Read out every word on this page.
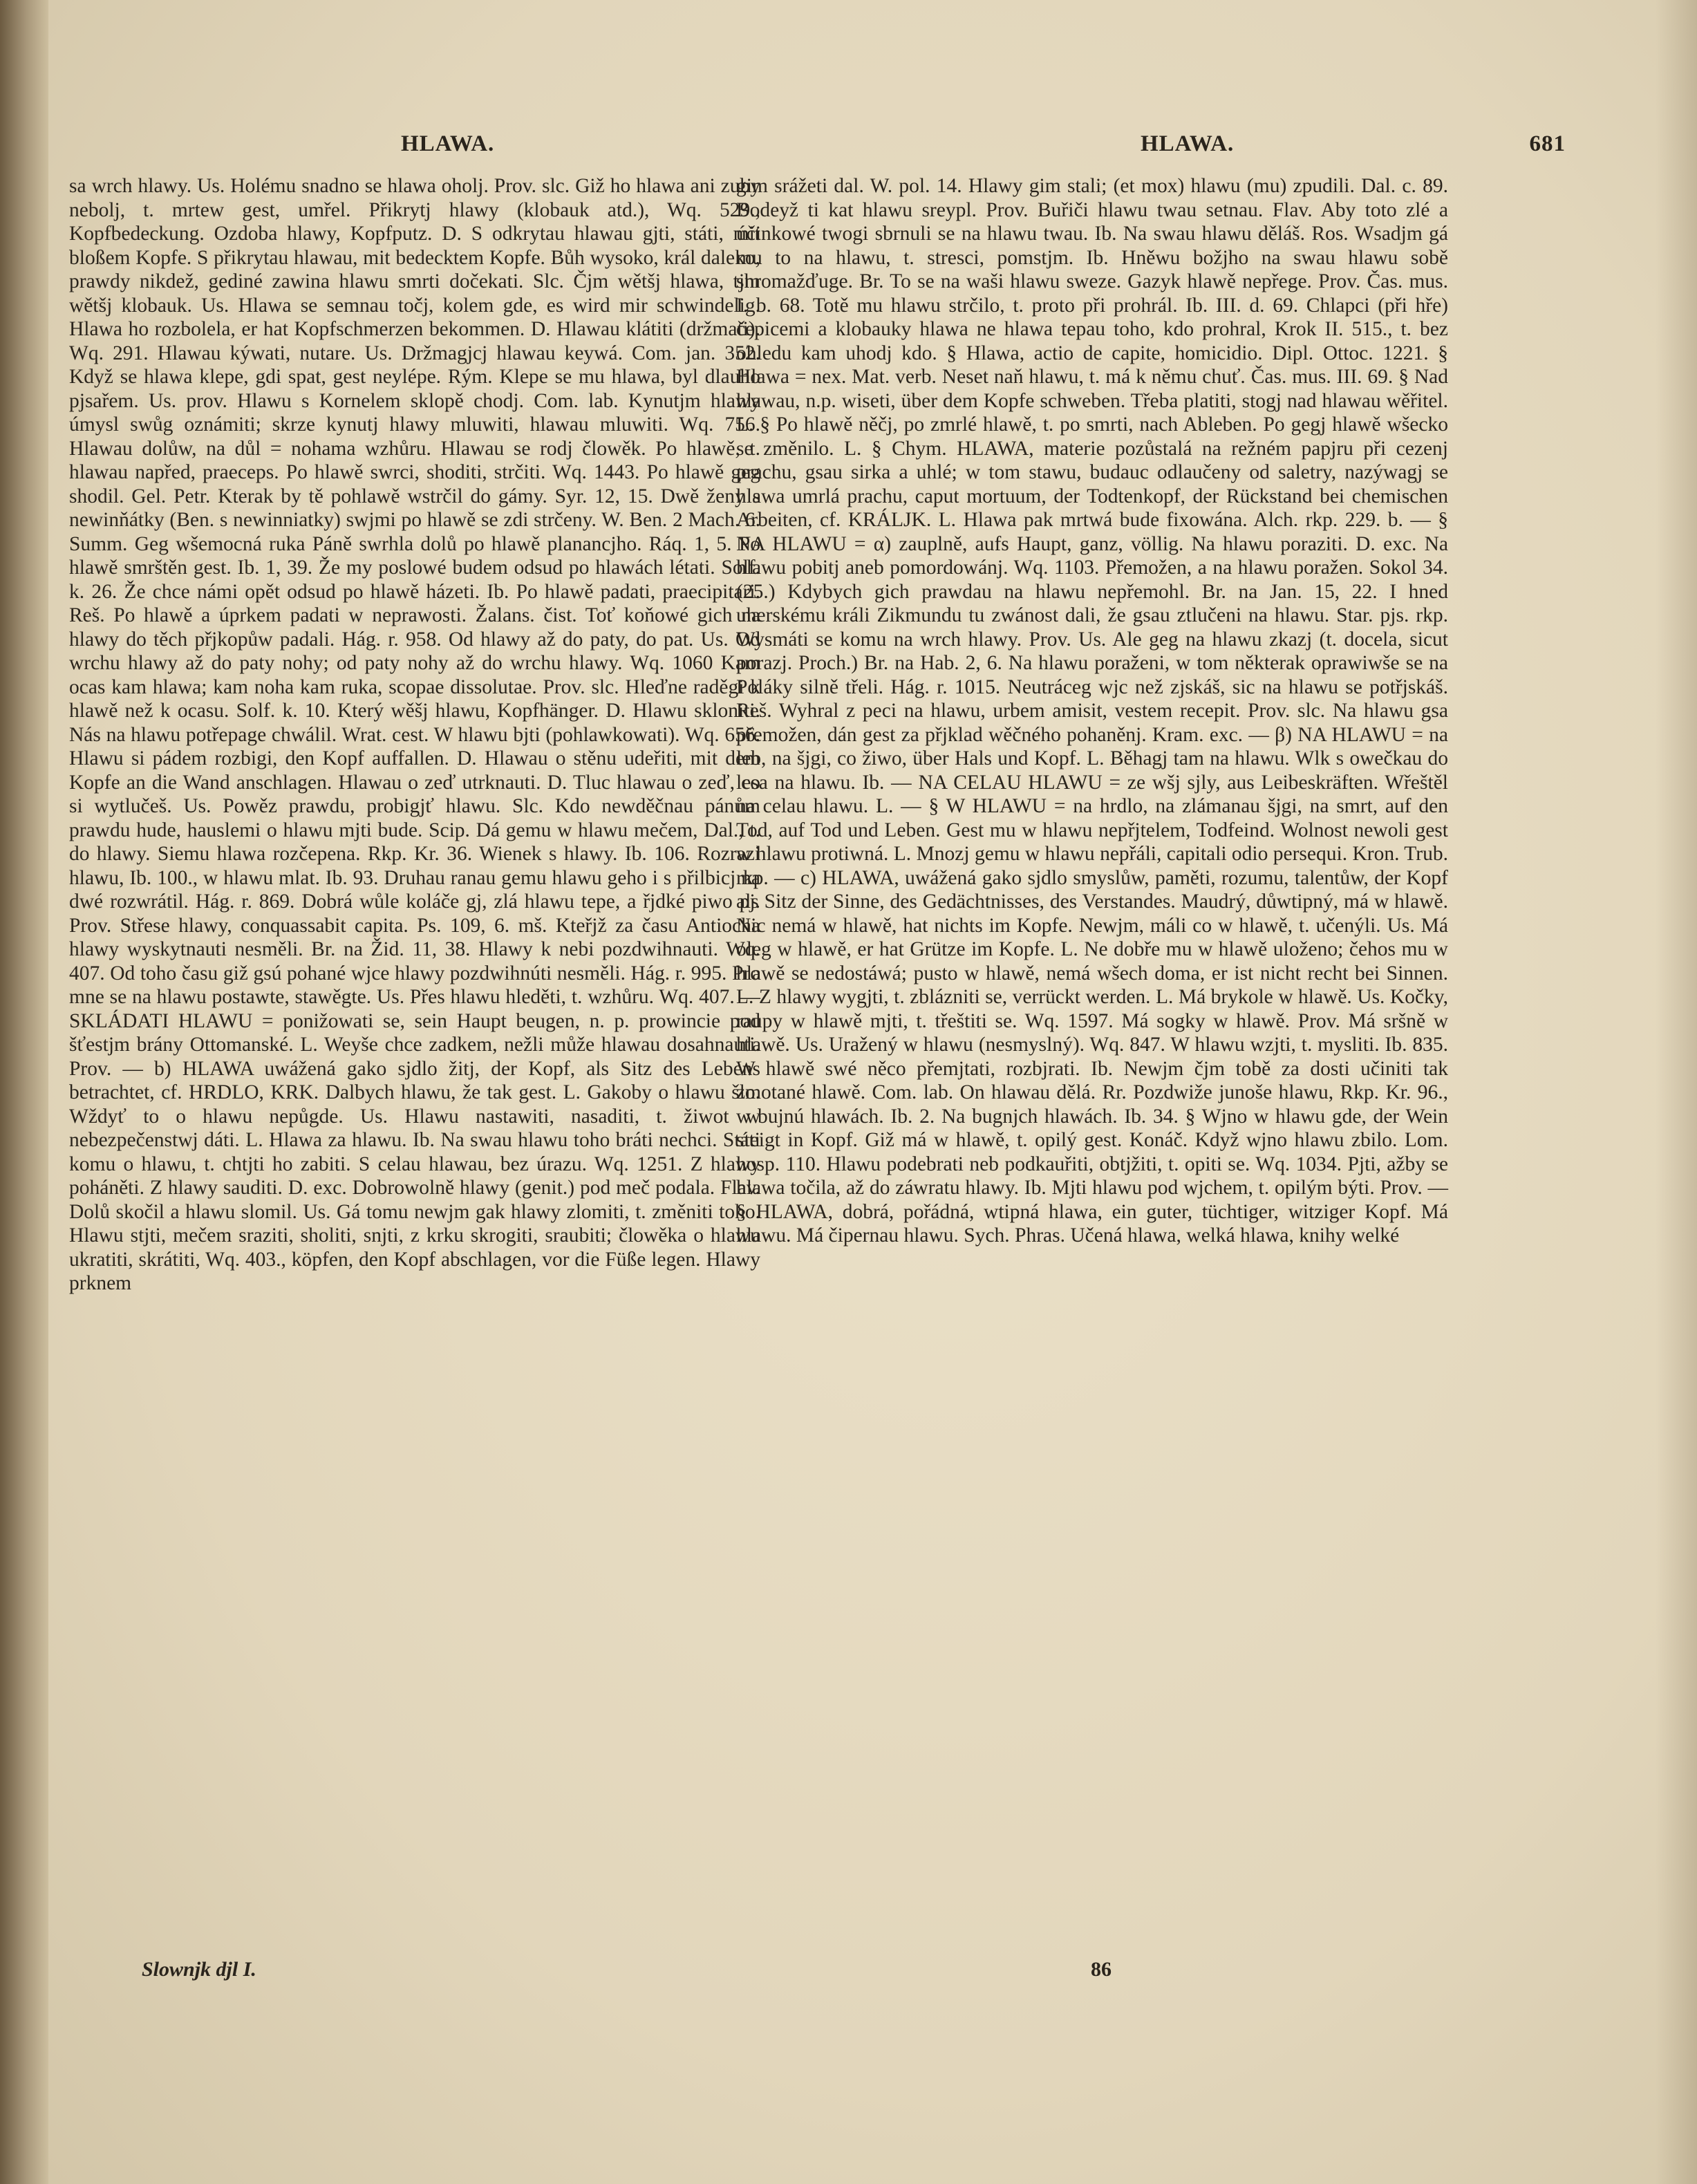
HLAWA.	HLAWA.	681

sa wrch hlawy. Us. Holému snadno se hlawa oholj. Prov. slc. Giž ho hlawa ani zuby nebolj, t. mrtew gest, umřel. Přikrytj hlawy (klobauk atd.), Wq. 529., Kopfbedeckung. Ozdoba hlawy, Kopfputz. D. S odkrytau hlawau gjti, státi, mit bloßem Kopfe. S přikrytau hlawau, mit bedecktem Kopfe. Bůh wysoko, král daleko, prawdy nikdež, gediné zawina hlawu smrti dočekati. Slc. Čjm wětšj hlawa, tjm wětšj klobauk. Us. Hlawa se semnau točj, kolem gde, es wird mir schwindelig. Hlawa ho rozbolela, er hat Kopfschmerzen bekommen. D. Hlawau klátiti (držmati). Wq. 291. Hlawau kýwati, nutare. Us. Držmagjcj hlawau keywá. Com. jan. 352. Když se hlawa klepe, gdi spat, gest neylépe. Rým. Klepe se mu hlawa, byl dlauho pjsařem. Us. prov. Hlawu s Kornelem sklopě chodj. Com. lab. Kynutjm hlawy úmysl swůg oznámiti; skrze kynutj hlawy mluwiti, hlawau mluwiti. Wq. 756. Hlawau dolůw, na důl = nohama wzhůru. Hlawau se rodj člowěk. Po hlawě, t. hlawau napřed, praeceps. Po hlawě swrci, shoditi, strčiti. Wq. 1443. Po hlawě geg shodil. Gel. Petr. Kterak by tě pohlawě wstrčil do gámy. Syr. 12, 15. Dwě ženy s newinňátky (Ben. s newinniatky) swjmi po hlawě se zdi strčeny. W. Ben. 2 Mach. 6. Summ. Geg wšemocná ruka Páně swrhla dolů po hlawě planancjho. Ráq. 1, 5. Po hlawě smrštěn gest. Ib. 1, 39. Že my poslowé budem odsud po hlawách létati. Solf. k. 26. Že chce námi opět odsud po hlawě házeti. Ib. Po hlawě padati, praecipitari. Reš. Po hlawě a úprkem padati w neprawosti. Žalans. čist. Toť koňowé gich na hlawy do těch přjkopůw padali. Hág. r. 958. Od hlawy až do paty, do pat. Us. Od wrchu hlawy až do paty nohy; od paty nohy až do wrchu hlawy. Wq. 1060 Kam ocas kam hlawa; kam noha kam ruka, scopae dissolutae. Prov. slc. Hleďne raděgi k hlawě než k ocasu. Solf. k. 10. Který wěšj hlawu, Kopfhänger. D. Hlawu skloniti. Nás na hlawu potřepage chwálil. Wrat. cest. W hlawu bjti (pohlawkowati). Wq. 656. Hlawu si pádem rozbigi, den Kopf auffallen. D. Hlawau o stěnu udeřiti, mit dem Kopfe an die Wand anschlagen. Hlawau o zeď utrknauti. D. Tluc hlawau o zeď, co si wytlučeš. Us. Powěz prawdu, probigjť hlawu. Slc. Kdo newděčnau pánům prawdu hude, hauslemi o hlawu mjti bude. Scip. Dá gemu w hlawu mečem, Dal., t. do hlawy. Siemu hlawa rozčepena. Rkp. Kr. 36. Wienek s hlawy. Ib. 106. Rozrazi hlawu, Ib. 100., w hlawu mlat. Ib. 93. Druhau ranau gemu hlawu geho i s přilbicj na dwé rozwrátil. Hág. r. 869. Dobrá wůle koláče gj, zlá hlawu tepe, a řjdké piwo pj. Prov. Střese hlawy, conquassabit capita. Ps. 109, 6. mš. Kteřjž za času Antiocha hlawy wyskytnauti nesměli. Br. na Žid. 11, 38. Hlawy k nebi pozdwihnauti. Wq. 407. Od toho času giž gsú pohané wjce hlawy pozdwihnúti nesměli. Hág. r. 995. Pro mne se na hlawu postawte, stawěgte. Us. Přes hlawu hleděti, t. wzhůru. Wq. 407. — SKLÁDATI HLAWU = ponižowati se, sein Haupt beugen, n. p. prowincie pod šťestjm brány Ottomanské. L. Weyše chce zadkem, nežli může hlawau dosahnauti. Prov. — b) HLAWA uwážená gako sjdlo žitj, der Kopf, als Sitz des Lebens betrachtet, cf. HRDLO, KRK. Dalbych hlawu, že tak gest. L. Gakoby o hlawu šlo. Wždyť to o hlawu nepůgde. Us. Hlawu nastawiti, nasaditi, t. žiwot w nebezpečenstwj dáti. L. Hlawa za hlawu. Ib. Na swau hlawu toho bráti nechci. Státi komu o hlawu, t. chtjti ho zabiti. S celau hlawau, bez úrazu. Wq. 1251. Z hlawy poháněti. Z hlawy sauditi. D. exc. Dobrowolně hlawy (genit.) pod meč podala. Flav. Dolů skočil a hlawu slomil. Us. Gá tomu newjm gak hlawy zlomiti, t. změniti toho. Hlawu stjti, mečem sraziti, sholiti, snjti, z krku skrogiti, sraubiti; člowěka o hlawu ukratiti, skrátiti, Wq. 403., köpfen, den Kopf abschlagen, vor die Füße legen. Hlawy prknem

gim srážeti dal. W. pol. 14. Hlawy gim stali; (et mox) hlawu (mu) zpudili. Dal. c. 89. Bodeyž ti kat hlawu sreypl. Prov. Buřiči hlawu twau setnau. Flav. Aby toto zlé a účinkowé twogi sbrnuli se na hlawu twau. Ib. Na swau hlawu děláš. Ros. Wsadjm gá mu to na hlawu, t. stresci, pomstjm. Ib. Hněwu božjho na swau hlawu sobě shromažďuge. Br. To se na waši hlawu sweze. Gazyk hlawě nepřege. Prov. Čas. mus. I. b. 68. Totě mu hlawu strčilo, t. proto při prohrál. Ib. III. d. 69. Chlapci (při hře) čepicemi a klobauky hlawa ne hlawa tepau toho, kdo prohral, Krok II. 515., t. bez ohledu kam uhodj kdo. § Hlawa, actio de capite, homicidio. Dipl. Ottoc. 1221. § Hlawa = nex. Mat. verb. Neset naň hlawu, t. má k němu chuť. Čas. mus. III. 69. § Nad hlawau, n.p. wiseti, über dem Kopfe schweben. Třeba platiti, stogj nad hlawau wěřitel. L. § Po hlawě něčj, po zmrlé hlawě, t. po smrti, nach Ableben. Po gegj hlawě wšecko se změnilo. L. § Chym. HLAWA, materie pozůstalá na režném papjru při cezenj prachu, gsau sirka a uhlé; w tom stawu, budauc odlaučeny od saletry, nazýwagj se hlawa umrlá prachu, caput mortuum, der Todtenkopf, der Rückstand bei chemischen Arbeiten, cf. KRÁLJK. L. Hlawa pak mrtwá bude fixowána. Alch. rkp. 229. b. — § NA HLAWU = α) zauplně, aufs Haupt, ganz, völlig. Na hlawu poraziti. D. exc. Na hlawu pobitj aneb pomordowánj. Wq. 1103. Přemožen, a na hlawu poražen. Sokol 34. (25.) Kdybych gich prawdau na hlawu nepřemohl. Br. na Jan. 15, 22. I hned uherskému králi Zikmundu tu zwánost dali, že gsau ztlučeni na hlawu. Star. pjs. rkp. Wysmáti se komu na wrch hlawy. Prov. Us. Ale geg na hlawu zkazj (t. docela, sicut porazj. Proch.) Br. na Hab. 2, 6. Na hlawu poraženi, w tom některak oprawiwše se na Poláky silně třeli. Hág. r. 1015. Neutráceg wjc než zjskáš, sic na hlawu se potřjskáš. Reš. Wyhral z peci na hlawu, urbem amisit, vestem recepit. Prov. slc. Na hlawu gsa přemožen, dán gest za přjklad wěčného pohaněnj. Kram. exc. — β) NA HLAWU = na leb, na šjgi, co žiwo, über Hals und Kopf. L. Běhagj tam na hlawu. Wlk s owečkau do lesa na hlawu. Ib. — NA CELAU HLAWU = ze wšj sjly, aus Leibeskräften. Wřeštěl na celau hlawu. L. — § W HLAWU = na hrdlo, na zlámanau šjgi, na smrt, auf den Tod, auf Tod und Leben. Gest mu w hlawu nepřjtelem, Todfeind. Wolnost newoli gest w hlawu protiwná. L. Mnozj gemu w hlawu nepřáli, capitali odio persequi. Kron. Trub. rkp. — c) HLAWA, uwážená gako sjdlo smyslůw, paměti, rozumu, talentůw, der Kopf als Sitz der Sinne, des Gedächtnisses, des Verstandes. Maudrý, důwtipný, má w hlawě. Nic nemá w hlawě, hat nichts im Kopfe. Newjm, máli co w hlawě, t. učenýli. Us. Má oleg w hlawě, er hat Grütze im Kopfe. L. Ne dobře mu w hlawě uloženo; čehos mu w hlawě se nedostáwá; pusto w hlawě, nemá wšech doma, er ist nicht recht bei Sinnen. L. Z hlawy wygjti, t. zblázniti se, verrückt werden. L. Má brykole w hlawě. Us. Kočky, raupy w hlawě mjti, t. třeštiti se. Wq. 1597. Má sogky w hlawě. Prov. Má sršně w hlawě. Us. Uražený w hlawu (nesmyslný). Wq. 847. W hlawu wzjti, t. mysliti. Ib. 835. W hlawě swé něco přemjtati, rozbjrati. Ib. Newjm čjm tobě za dosti učiniti tak zmotané hlawě. Com. lab. On hlawau dělá. Rr. Pozdwiže junoše hlawu, Rkp. Kr. 96., w bujnú hlawách. Ib. 2. Na bugnjch hlawách. Ib. 34. § Wjno w hlawu gde, der Wein steigt in Kopf. Giž má w hlawě, t. opilý gest. Konáč. Když wjno hlawu zbilo. Lom. hosp. 110. Hlawu podebrati neb podkauřiti, obtjžiti, t. opiti se. Wq. 1034. Pjti, ažby se hlawa točila, až do záwratu hlawy. Ib. Mjti hlawu pod wjchem, t. opilým býti. Prov. — § HLAWA, dobrá, pořádná, wtipná hlawa, ein guter, tüchtiger, witziger Kopf. Má hlawu. Má čipernau hlawu. Sych. Phras. Učená hlawa, welká hlawa, knihy welké

Slownjk djl I.	86
